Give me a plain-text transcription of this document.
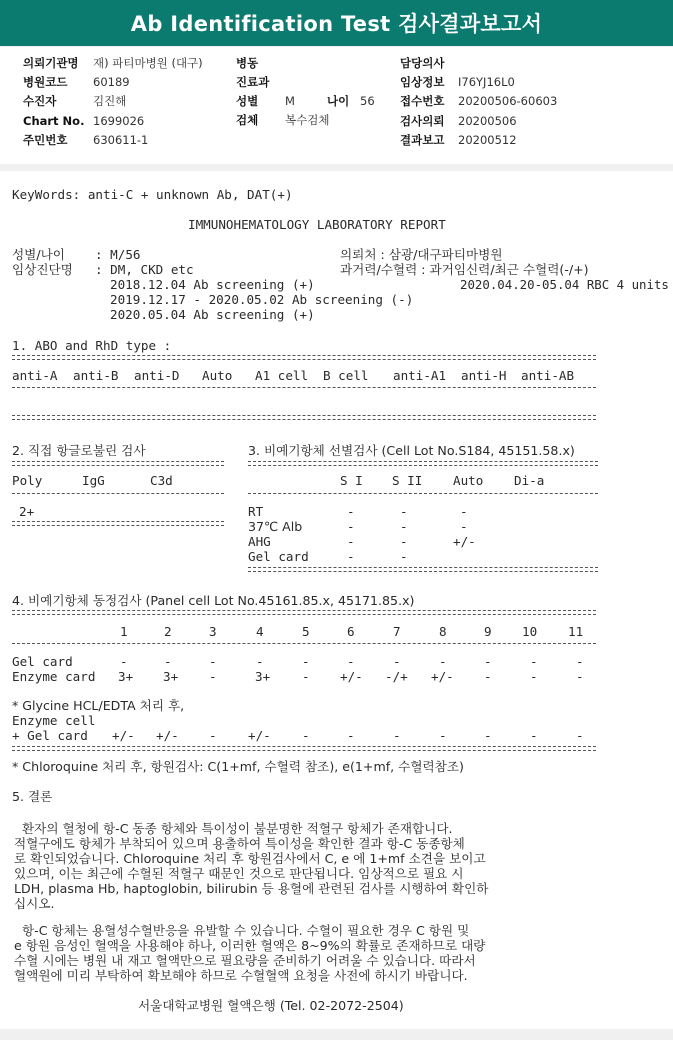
Ab Identification Test 검사결과보고서
의뢰기관명 재) 파티마병원 (대구)
병원코드 60189
수진자	김진해
Chart No. 1699026
주민번호 630611-1
병동
진료과
성별 M	나이 56
검체 복수검체
담당의사
임상정보 I76YJ16L0
접수번호 20200506-60603
검사의뢰 20200506
결과보고 20200512
KeyWords: anti-C + unknown Ab, DAT(+)
IMMUNOHEMATOLOGY LABORATORY REPORT
성별/나이 : M/56	의뢰처 : 삼광/대구파티마병원
임상진단명 : DM, CKD etc	과거력/수혈력 : 과거임신력/최근 수혈력(-/+)
2018.12.04 Ab screening (+)	2020.04.20-05.04 RBC 4 units
2019.12.17 - 2020.05.02 Ab screening (-)
2020.05.04 Ab screening (+)
1. ABO and RhD type :
anti-A anti-B anti-D Auto A1 cell B cell anti-A1 anti-H anti-AB
2. 직접 항글로불린 검사
Poly	IgG	C3d
2+
3. 비예기항체 선별검사 (Cell Lot No.S184, 45151.58.x)
S I S II Auto Di-a
RT	-	-	-
37℃ Alb	-	-	-
AHG	-	-	+/-
Gel card	-	-
4. 비예기항체 동정검사 (Panel cell Lot No.45161.85.x, 45171.85.x)
1	2	3	4	5	6	7	8	9 10 11
Gel card	-	-	-	-	-	-	-	-	-	-	-
Enzyme card 3+ 3+ -	3+	- +/- -/+ +/- -	-	-
* Glycine HCL/EDTA 처리 후,
Enzyme cell
+ Gel card +/- +/- - +/- -	-	-	-	-	-	-
* Chloroquine 처리 후, 항원검사: C(1+mf, 수혈력 참조), e(1+mf, 수혈력참조)
5. 결론
환자의 혈청에 항-C 동종 항체와 특이성이 불분명한 적혈구 항체가 존재합니다.
적혈구에도 항체가 부착되어 있으며 용출하여 특이성을 확인한 결과 항-C 동종항체
로 확인되었습니다. Chloroquine 처리 후 항원검사에서 C, e 에 1+mf 소견을 보이고
있으며, 이는 최근에 수혈된 적혈구 때문인 것으로 판단됩니다. 임상적으로 필요 시
LDH, plasma Hb, haptoglobin, bilirubin 등 용혈에 관련된 검사를 시행하여 확인하
십시오.
항-C 항체는 용혈성수혈반응을 유발할 수 있습니다. 수혈이 필요한 경우 C 항원 및
e 항원 음성인 혈액을 사용해야 하나, 이러한 혈액은 8~9%의 확률로 존재하므로 대량
수혈 시에는 병원 내 재고 혈액만으로 필요량을 준비하기 어려울 수 있습니다. 따라서
혈액원에 미리 부탁하여 확보해야 하므로 수혈혈액 요청을 사전에 하시기 바랍니다.
서울대학교병원 혈액은행 (Tel. 02-2072-2504)
